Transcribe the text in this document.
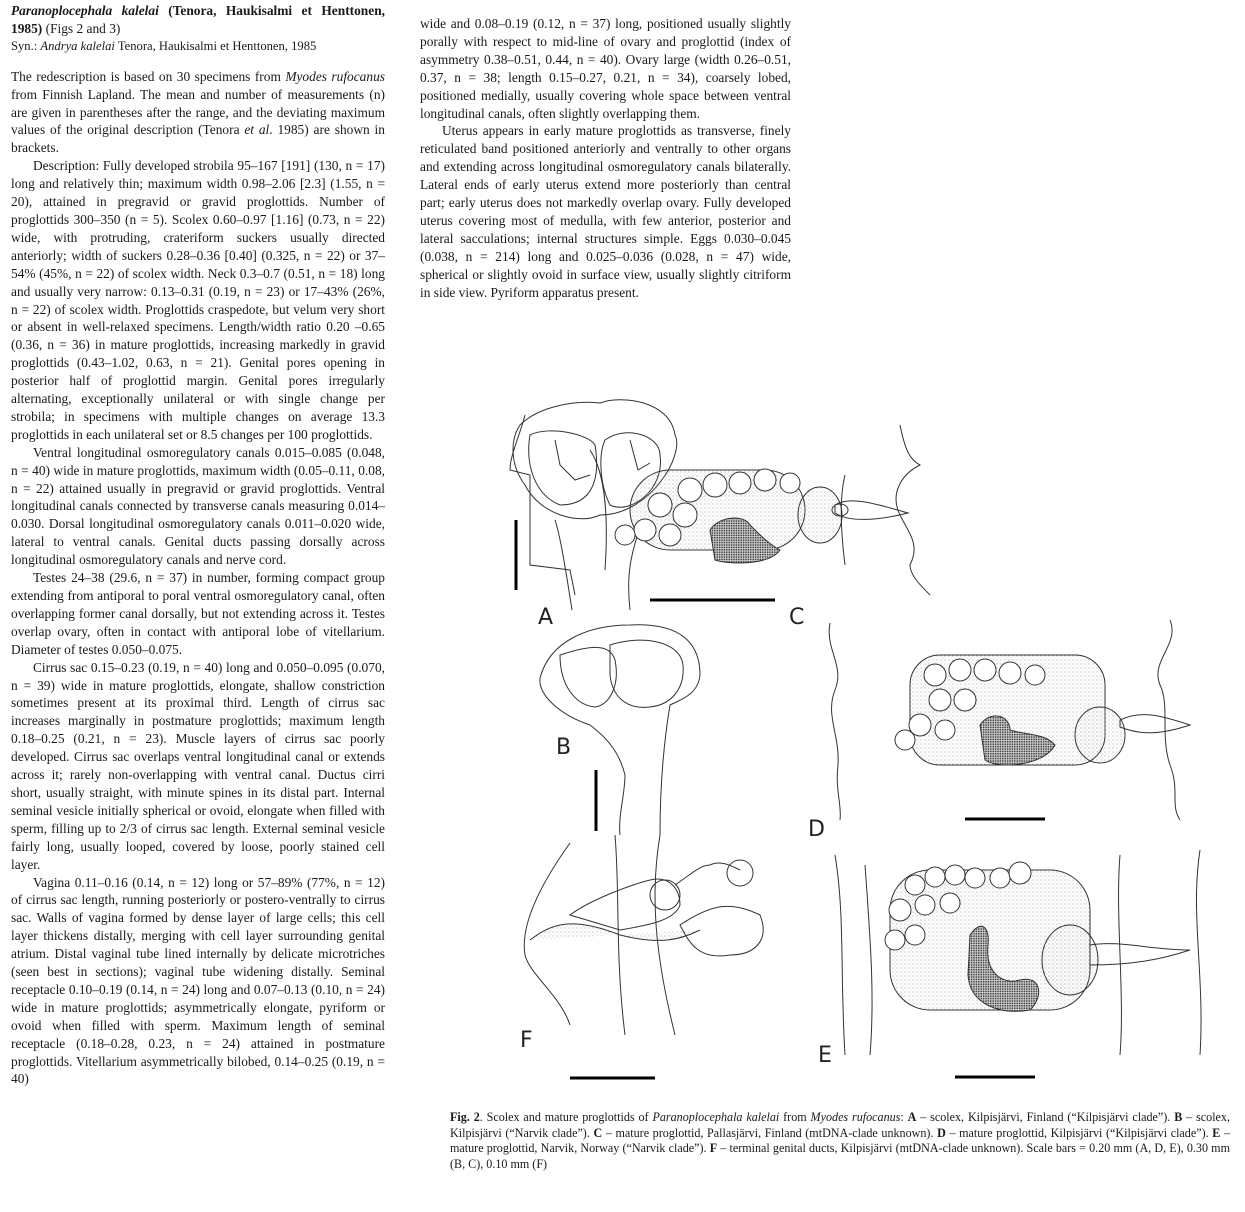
Paranoplocephala kalelai (Tenora, Haukisalmi et Henttonen, 1985) (Figs 2 and 3)
Syn.: Andrya kalelai Tenora, Haukisalmi et Henttonen, 1985

The redescription is based on 30 specimens from Myodes rufocanus from Finnish Lapland. The mean and number of measurements (n) are given in parentheses after the range, and the deviating maximum values of the original description (Tenora et al. 1985) are shown in brackets.

Description: Fully developed strobila 95–167 [191] (130, n = 17) long and relatively thin; maximum width 0.98–2.06 [2.3] (1.55, n = 20), attained in pregravid or gravid proglottids. Number of proglottids 300–350 (n = 5). Scolex 0.60–0.97 [1.16] (0.73, n = 22) wide, with protruding, crateriform suckers usually directed anteriorly; width of suckers 0.28–0.36 [0.40] (0.325, n = 22) or 37–54% (45%, n = 22) of scolex width. Neck 0.3–0.7 (0.51, n = 18) long and usually very narrow: 0.13–0.31 (0.19, n = 23) or 17–43% (26%, n = 22) of scolex width. Proglottids craspedote, but velum very short or absent in well-relaxed specimens. Length/width ratio 0.20 –0.65 (0.36, n = 36) in mature proglottids, increasing markedly in gravid proglottids (0.43–1.02, 0.63, n = 21). Genital pores opening in posterior half of proglottid margin. Genital pores irregularly alternating, exceptionally unilateral or with single change per strobila; in specimens with multiple changes on average 13.3 proglottids in each unilateral set or 8.5 changes per 100 proglottids.

Ventral longitudinal osmoregulatory canals 0.015–0.085 (0.048, n = 40) wide in mature proglottids, maximum width (0.05–0.11, 0.08, n = 22) attained usually in pregravid or gravid proglottids. Ventral longitudinal canals connected by transverse canals measuring 0.014–0.030. Dorsal longitudinal osmoregulatory canals 0.011–0.020 wide, lateral to ventral canals. Genital ducts passing dorsally across longitudinal osmoregulatory canals and nerve cord.

Testes 24–38 (29.6, n = 37) in number, forming compact group extending from antiporal to poral ventral osmoregulatory canal, often overlapping former canal dorsally, but not extending across it. Testes overlap ovary, often in contact with antiporal lobe of vitellarium. Diameter of testes 0.050–0.075.

Cirrus sac 0.15–0.23 (0.19, n = 40) long and 0.050–0.095 (0.070, n = 39) wide in mature proglottids, elongate, shallow constriction sometimes present at its proximal third. Length of cirrus sac increases marginally in postmature proglottids; maximum length 0.18–0.25 (0.21, n = 23). Muscle layers of cirrus sac poorly developed. Cirrus sac overlaps ventral longitudinal canal or extends across it; rarely non-overlapping with ventral canal. Ductus cirri short, usually straight, with minute spines in its distal part. Internal seminal vesicle initially spherical or ovoid, elongate when filled with sperm, filling up to 2/3 of cirrus sac length. External seminal vesicle fairly long, usually looped, covered by loose, poorly stained cell layer.

Vagina 0.11–0.16 (0.14, n = 12) long or 57–89% (77%, n = 12) of cirrus sac length, running posteriorly or postero-ventrally to cirrus sac. Walls of vagina formed by dense layer of large cells; this cell layer thickens distally, merging with cell layer surrounding genital atrium. Distal vaginal tube lined internally by delicate microtriches (seen best in sections); vaginal tube widening distally. Seminal receptacle 0.10–0.19 (0.14, n = 24) long and 0.07–0.13 (0.10, n = 24) wide in mature proglottids; asymmetrically elongate, pyriform or ovoid when filled with sperm. Maximum length of seminal receptacle (0.18–0.28, 0.23, n = 24) attained in postmature proglottids. Vitellarium asymmetrically bilobed, 0.14–0.25 (0.19, n = 40)

wide and 0.08–0.19 (0.12, n = 37) long, positioned usually slightly porally with respect to mid-line of ovary and proglottid (index of asymmetry 0.38–0.51, 0.44, n = 40). Ovary large (width 0.26–0.51, 0.37, n = 38; length 0.15–0.27, 0.21, n = 34), coarsely lobed, positioned medially, usually covering whole space between ventral longitudinal canals, often slightly overlapping them.

Uterus appears in early mature proglottids as transverse, finely reticulated band positioned anteriorly and ventrally to other organs and extending across longitudinal osmoregulatory canals bilaterally. Lateral ends of early uterus extend more posteriorly than central part; early uterus does not markedly overlap ovary. Fully developed uterus covering most of medulla, with few anterior, posterior and lateral sacculations; internal structures simple. Eggs 0.030–0.045 (0.038, n = 214) long and 0.025–0.036 (0.028, n = 47) wide, spherical or slightly ovoid in surface view, usually slightly citriform in side view. Pyriform apparatus present.

A
B
C
D
E
F
Fig. 2. Scolex and mature proglottids of Paranoplocephala kalelai from Myodes rufocanus: A – scolex, Kilpisjärvi, Finland (“Kilpisjärvi clade”). B – scolex, Kilpisjärvi (“Narvik clade”). C – mature proglottid, Pallasjärvi, Finland (mtDNA-clade unknown). D – mature proglottid, Kilpisjärvi (“Kilpisjärvi clade”). E – mature proglottid, Narvik, Norway (“Narvik clade”). F – terminal genital ducts, Kilpisjärvi (mtDNA-clade unknown). Scale bars = 0.20 mm (A, D, E), 0.30 mm (B, C), 0.10 mm (F)
